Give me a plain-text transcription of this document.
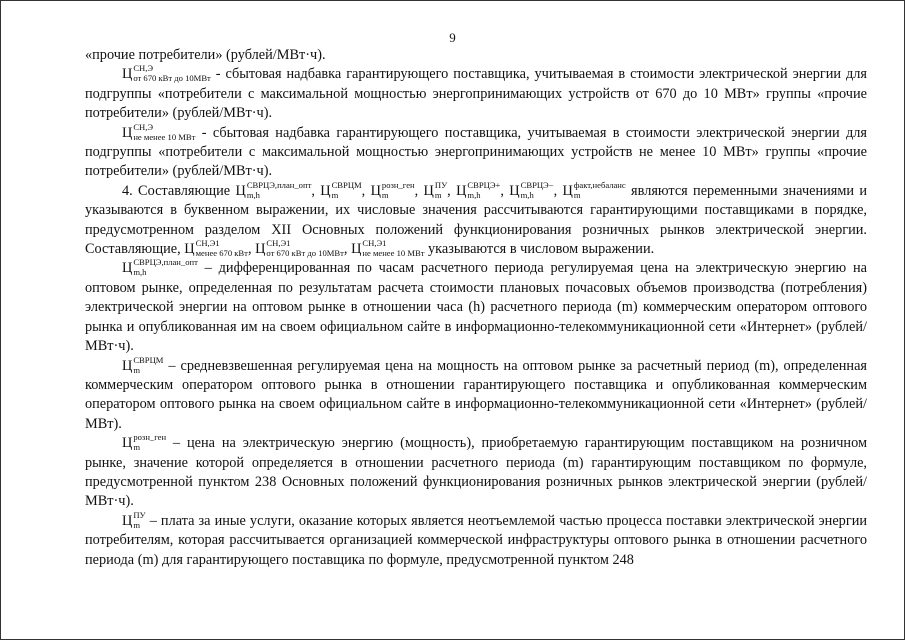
9

«прочие потребители» (рублей/МВт·ч).

Ц СН,Э
от 670 кВт до 10МВт - сбытовая надбавка гарантирующего поставщика, учитываемая в стоимости электрической энергии для подгруппы «потребители с максимальной мощностью энергопринимающих устройств от 670 до 10 МВт» группы «прочие потребители» (рублей/МВт·ч).

Ц СН,Э
не менее 10 МВт - сбытовая надбавка гарантирующего поставщика, учитываемая в стоимости электрической энергии для подгруппы «потребители с максимальной мощностью энергопринимающих устройств не менее 10 МВт» группы «прочие потребители» (рублей/МВт·ч).

4. Составляющие Ц СВРЦЭ,план_опт
m,h	, Ц СВРЦМ
m	, Ц розн_ген
m	, Ц ПУ
m , Ц СВРЦЭ+
m,h	, Ц СВРЦЭ−
m,h	, Ц факт,небаланс
m	являются переменными значениями и указываются в буквенном выражении, их числовые значения рассчитываются гарантирующими поставщиками в порядке, предусмотренном разделом XII Основных положений функционирования розничных рынков электрической энергии. Составляющие, Ц СН,Э1
менее 670 кВт , Ц СН,Э1
от 670 кВт до 10МВт , Ц СН,Э1
не менее 10 МВт указываются в числовом выражении.

Ц СВРЦЭ,план_опт
m,h	– дифференцированная по часам расчетного периода регулируемая цена на электрическую энергию на оптовом рынке, определенная по результатам расчета стоимости плановых почасовых объемов производства (потребления) электрической энергии на оптовом рынке в отношении часа (h) расчетного периода (m) коммерческим оператором оптового рынка и опубликованная им на своем официальном сайте в информационно-телекоммуникационной сети «Интернет» (рублей/МВт·ч).

Ц СВРЦМ
m	– средневзвешенная регулируемая цена на мощность на оптовом рынке за расчетный период (m), определенная коммерческим оператором оптового рынка в отношении гарантирующего поставщика и опубликованная коммерческим оператором оптового рынка на своем официальном сайте в информационно-телекоммуникационной сети «Интернет» (рублей/МВт).

Ц розн_ген
m	– цена на электрическую энергию (мощность), приобретаемую гарантирующим поставщиком на розничном рынке, значение которой определяется в отношении расчетного периода (m) гарантирующим поставщиком по формуле, предусмотренной пунктом 238 Основных положений функционирования розничных рынков электрической энергии (рублей/МВт·ч).

Ц ПУ
m – плата за иные услуги, оказание которых является неотъемлемой частью процесса поставки электрической энергии потребителям, которая рассчитывается организацией коммерческой инфраструктуры оптового рынка в отношении расчетного периода (m) для гарантирующего поставщика по формуле, предусмотренной пунктом 248
